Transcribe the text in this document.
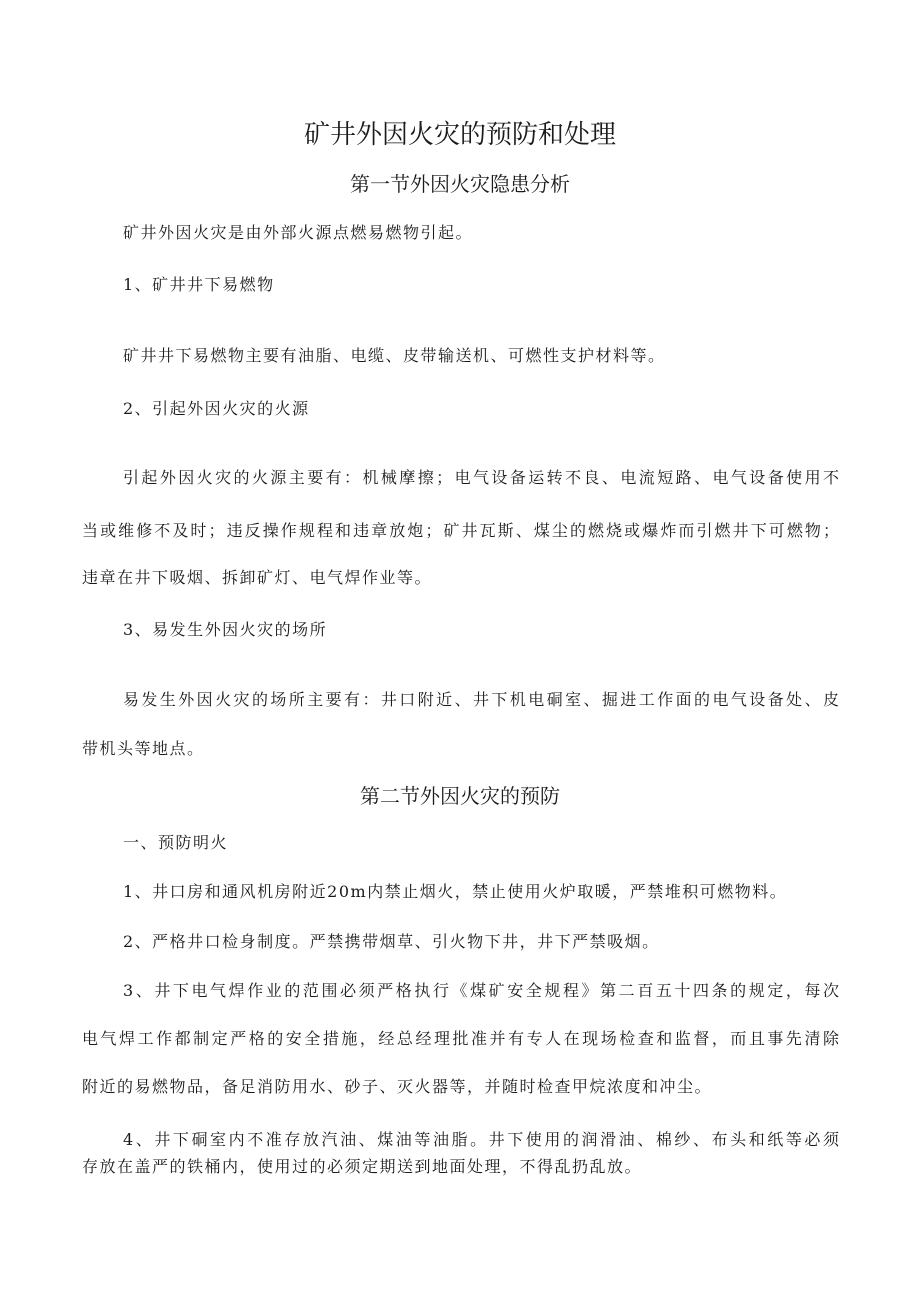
矿井外因火灾的预防和处理
第一节外因火灾隐患分析
矿井外因火灾是由外部火源点燃易燃物引起。
1、矿井井下易燃物
矿井井下易燃物主要有油脂、电缆、皮带输送机、可燃性支护材料等。
2、引起外因火灾的火源
引起外因火灾的火源主要有：机械摩擦；电气设备运转不良、电流短路、电气设备使用不
当或维修不及时；违反操作规程和违章放炮；矿井瓦斯、煤尘的燃烧或爆炸而引燃井下可燃物；
违章在井下吸烟、拆卸矿灯、电气焊作业等。
3、易发生外因火灾的场所
易发生外因火灾的场所主要有：井口附近、井下机电硐室、掘进工作面的电气设备处、皮
带机头等地点。
第二节外因火灾的预防
一、预防明火
1、井口房和通风机房附近20m内禁止烟火，禁止使用火炉取暖，严禁堆积可燃物料。
2、严格井口检身制度。严禁携带烟草、引火物下井，井下严禁吸烟。
3、井下电气焊作业的范围必须严格执行《煤矿安全规程》第二百五十四条的规定，每次
电气焊工作都制定严格的安全措施，经总经理批准并有专人在现场检查和监督，而且事先清除
附近的易燃物品，备足消防用水、砂子、灭火器等，并随时检查甲烷浓度和冲尘。
4、井下硐室内不准存放汽油、煤油等油脂。井下使用的润滑油、棉纱、布头和纸等必须
存放在盖严的铁桶内，使用过的必须定期送到地面处理，不得乱扔乱放。
